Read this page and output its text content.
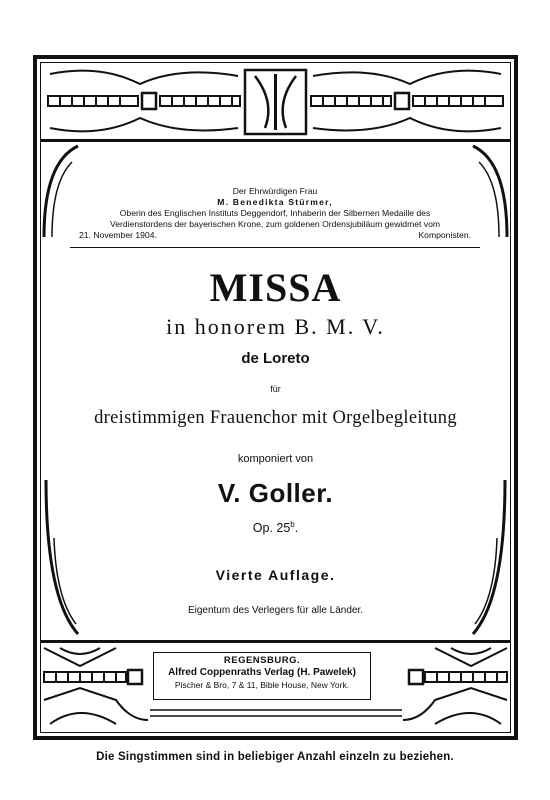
Der Ehrwürdigen Frau
M. Benedikta Stürmer,
Oberin des Englischen Instituts Deggendorf, Inhaberin der Silbernen Medaille des
Verdienstordens der bayerischen Krone, zum goldenen Ordensjubiläum gewidmet vom
21. November 1904.	Komponisten.
MISSA
in honorem B. M. V.
de Loreto
für
dreistimmigen Frauenchor mit Orgelbegleitung
komponiert von
V. Goller.
Op. 25$^b$.
Vierte Auflage.
Eigentum des Verlegers für alle Länder.
REGENSBURG.
Alfred Coppenraths Verlag (H. Pawelek)
Pischer & Bro, 7 & 11, Bible House, New York.
Die Singstimmen sind in beliebiger Anzahl einzeln zu beziehen.
